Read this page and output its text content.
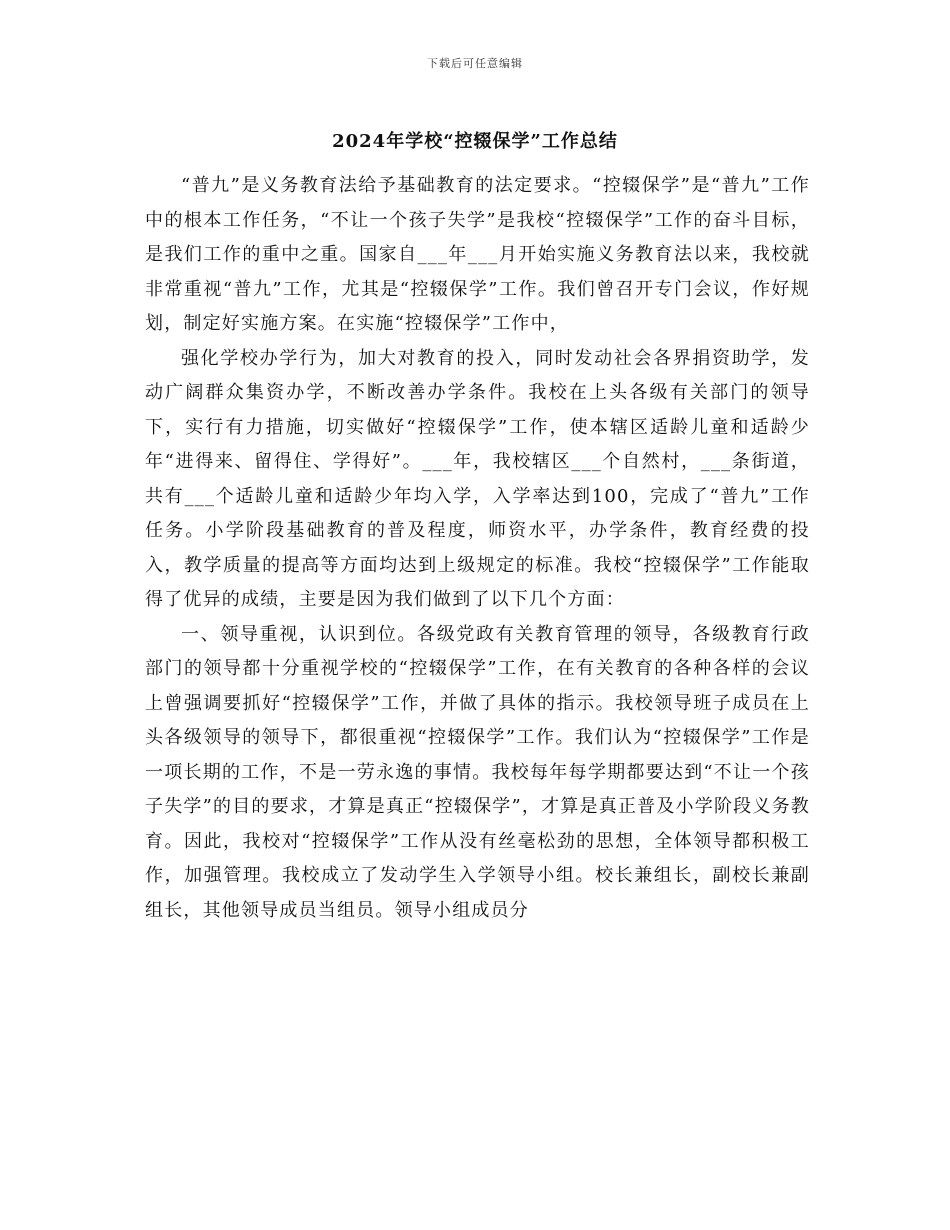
下载后可任意编辑
2024年学校“控辍保学”工作总结

“普九”是义务教育法给予基础教育的法定要求。“控辍保学”是“普九”工作中的根本工作任务，“不让一个孩子失学”是我校“控辍保学”工作的奋斗目标，是我们工作的重中之重。国家自___年___月开始实施义务教育法以来，我校就非常重视“普九”工作，尤其是“控辍保学”工作。我们曾召开专门会议，作好规划，制定好实施方案。在实施“控辍保学”工作中，

强化学校办学行为，加大对教育的投入，同时发动社会各界捐资助学，发动广阔群众集资办学，不断改善办学条件。我校在上头各级有关部门的领导下，实行有力措施，切实做好“控辍保学”工作，使本辖区适龄儿童和适龄少年“进得来、留得住、学得好”。___年，我校辖区___个自然村，___条街道，共有___个适龄儿童和适龄少年均入学，入学率达到100，完成了“普九”工作任务。小学阶段基础教育的普及程度，师资水平，办学条件，教育经费的投入，教学质量的提高等方面均达到上级规定的标准。我校“控辍保学”工作能取得了优异的成绩，主要是因为我们做到了以下几个方面：

一、领导重视，认识到位。各级党政有关教育管理的领导，各级教育行政部门的领导都十分重视学校的“控辍保学”工作，在有关教育的各种各样的会议上曾强调要抓好“控辍保学”工作，并做了具体的指示。我校领导班子成员在上头各级领导的领导下，都很重视“控辍保学”工作。我们认为“控辍保学”工作是一项长期的工作，不是一劳永逸的事情。我校每年每学期都要达到“不让一个孩子失学”的目的要求，才算是真正“控辍保学”，才算是真正普及小学阶段义务教育。因此，我校对“控辍保学”工作从没有丝毫松劲的思想，全体领导都积极工作，加强管理。我校成立了发动学生入学领导小组。校长兼组长，副校长兼副组长，其他领导成员当组员。领导小组成员分
